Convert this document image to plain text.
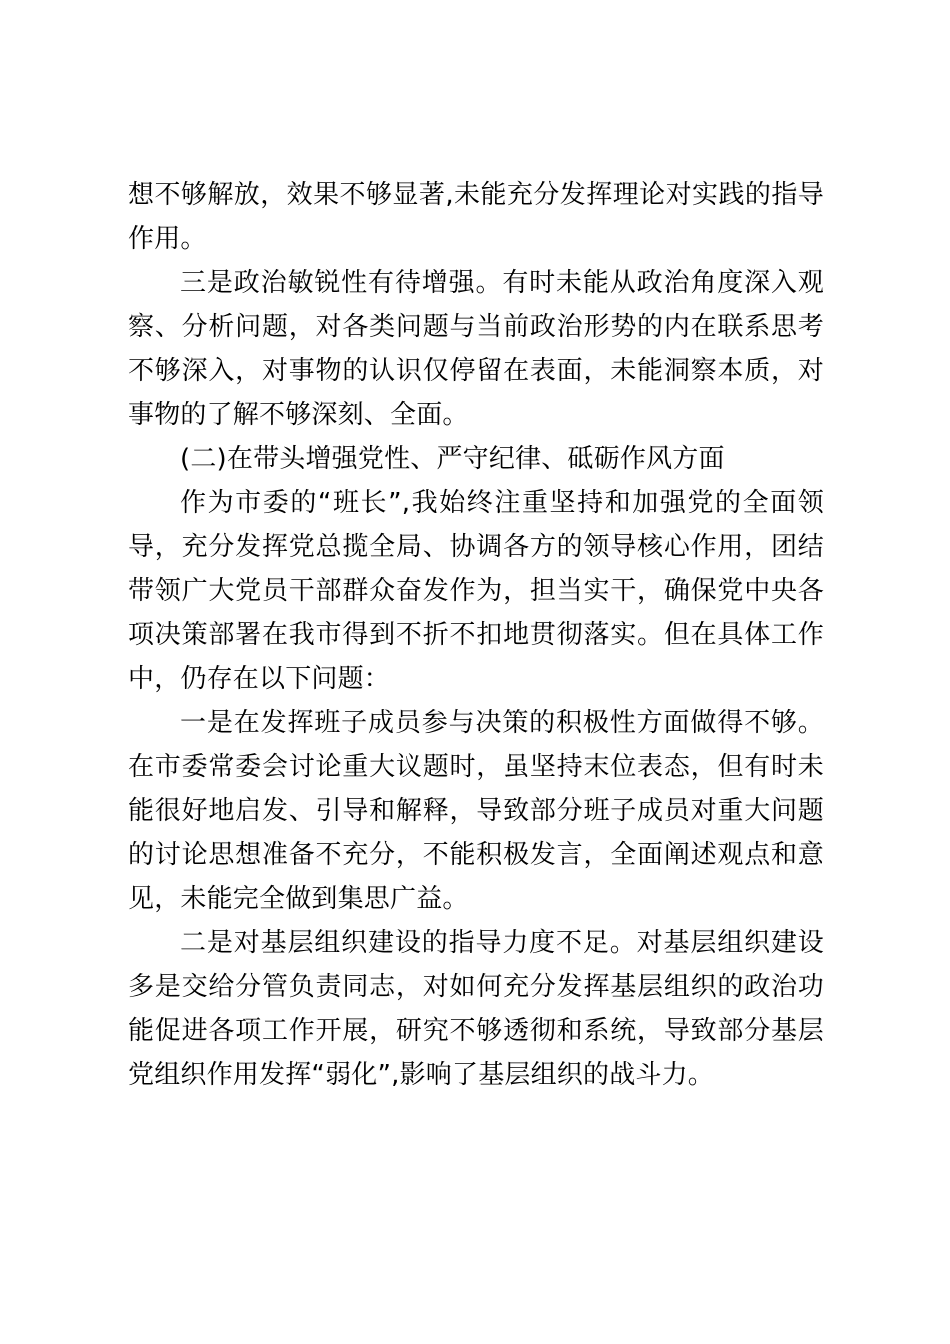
想不够解放，效果不够显著,未能充分发挥理论对实践的指导作用。

三是政治敏锐性有待增强。有时未能从政治角度深入观察、分析问题，对各类问题与当前政治形势的内在联系思考不够深入，对事物的认识仅停留在表面，未能洞察本质，对事物的了解不够深刻、全面。

(二)在带头增强党性、严守纪律、砥砺作风方面

作为市委的“班长”,我始终注重坚持和加强党的全面领导，充分发挥党总揽全局、协调各方的领导核心作用，团结带领广大党员干部群众奋发作为，担当实干，确保党中央各项决策部署在我市得到不折不扣地贯彻落实。但在具体工作中，仍存在以下问题：

一是在发挥班子成员参与决策的积极性方面做得不够。在市委常委会讨论重大议题时，虽坚持末位表态，但有时未能很好地启发、引导和解释，导致部分班子成员对重大问题的讨论思想准备不充分，不能积极发言，全面阐述观点和意见，未能完全做到集思广益。

二是对基层组织建设的指导力度不足。对基层组织建设多是交给分管负责同志，对如何充分发挥基层组织的政治功能促进各项工作开展，研究不够透彻和系统，导致部分基层党组织作用发挥“弱化”,影响了基层组织的战斗力。
